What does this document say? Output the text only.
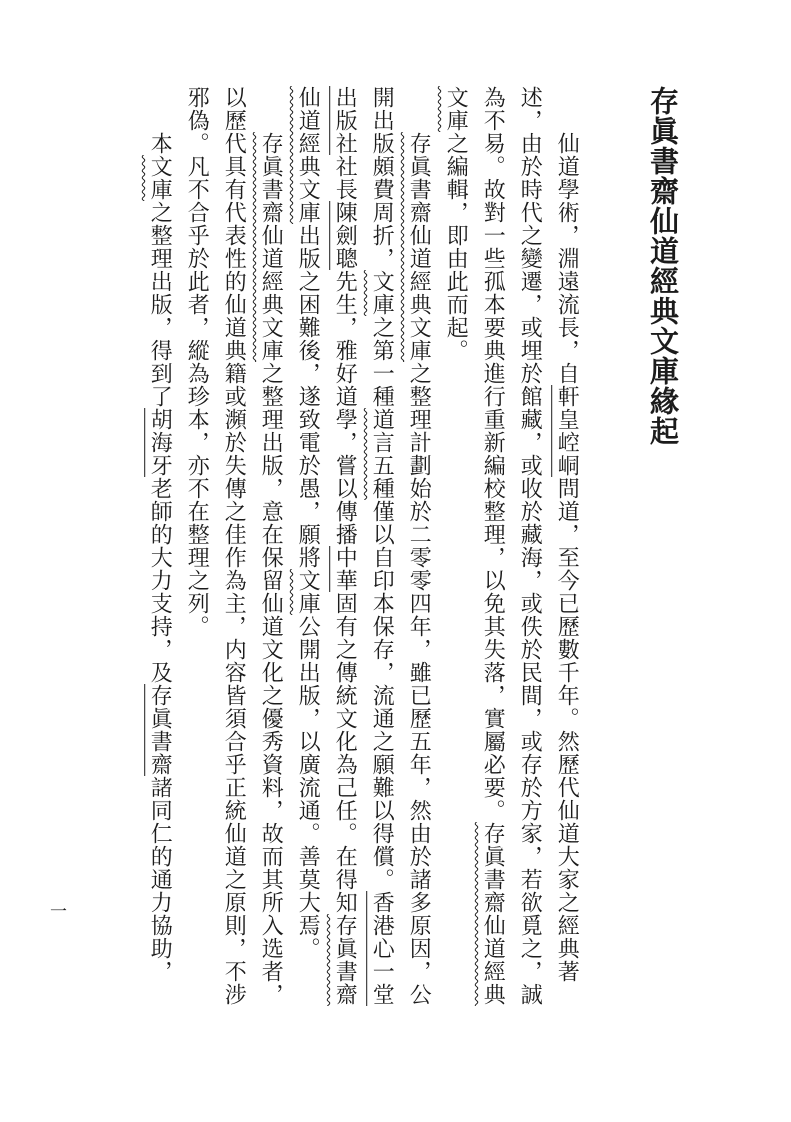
存眞書齋仙道經典文庫緣起

仙道學術，淵遠流長，自軒皇崆峒問道，至今已歷數千年。然歷代仙道大家之經典著述，由於時代之變遷，或埋於館藏，或收於藏海，或佚於民間，或存於方家，若欲覓之，誠為不易。故對一些孤本要典進行重新編校整理，以免其失落，實屬必要。存眞書齋仙道經典文庫之編輯，即由此而起。

存眞書齋仙道經典文庫之整理計劃始於二零零四年，雖已歷五年，然由於諸多原因，公開出版頗費周折，文庫之第一種道言五種僅以自印本保存，流通之願難以得償。香港心一堂出版社社長陳劍聰先生，雅好道學，嘗以傳播中華固有之傳統文化為己任。在得知存眞書齋仙道經典文庫出版之困難後，遂致電於愚，願將文庫公開出版，以廣流通。善莫大焉。

存眞書齋仙道經典文庫之整理出版，意在保留仙道文化之優秀資料，故而其所入选者，以歷代具有代表性的仙道典籍或瀕於失傳之佳作為主，内容皆須合乎正統仙道之原則，不涉邪偽。凡不合乎於此者，縱為珍本，亦不在整理之列。

本文庫之整理出版，得到了胡海牙老師的大力支持，及存眞書齋諸同仁的通力協助，

一
